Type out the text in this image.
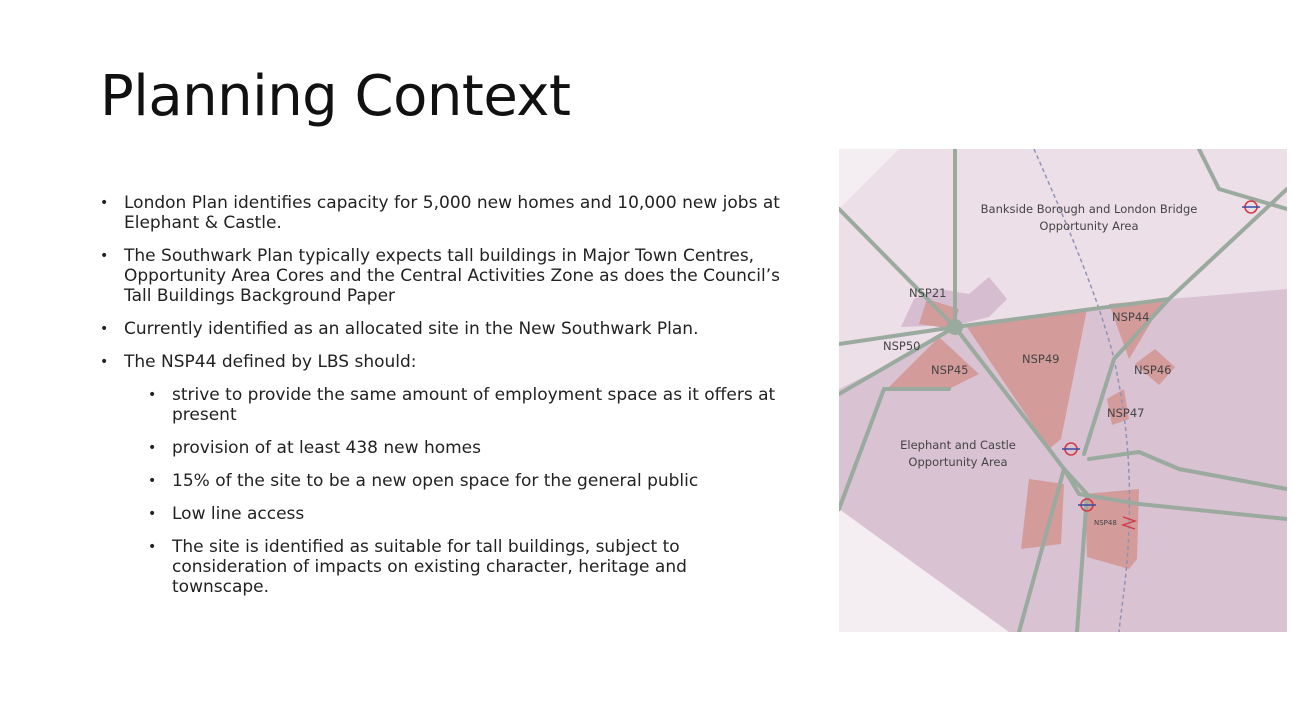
Planning Context

• London Plan identifies capacity for 5,000 new homes and 10,000 new jobs at Elephant & Castle.

• The Southwark Plan typically expects tall buildings in Major Town Centres, Opportunity Area Cores and the Central Activities Zone as does the Council’s Tall Buildings Background Paper

• Currently identified as an allocated site in the New Southwark Plan.

• The NSP44 defined by LBS should:

• strive to provide the same amount of employment space as it offers at present

• provision of at least 438 new homes

• 15% of the site to be a new open space for the general public

• Low line access

• The site is identified as suitable for tall buildings, subject to consideration of impacts on existing character, heritage and townscape.

Bankside Borough and London Bridge
Opportunity Area
Elephant and Castle
Opportunity Area
NSP21
NSP50
NSP45
NSP49
NSP44
NSP46
NSP47
NSP48
